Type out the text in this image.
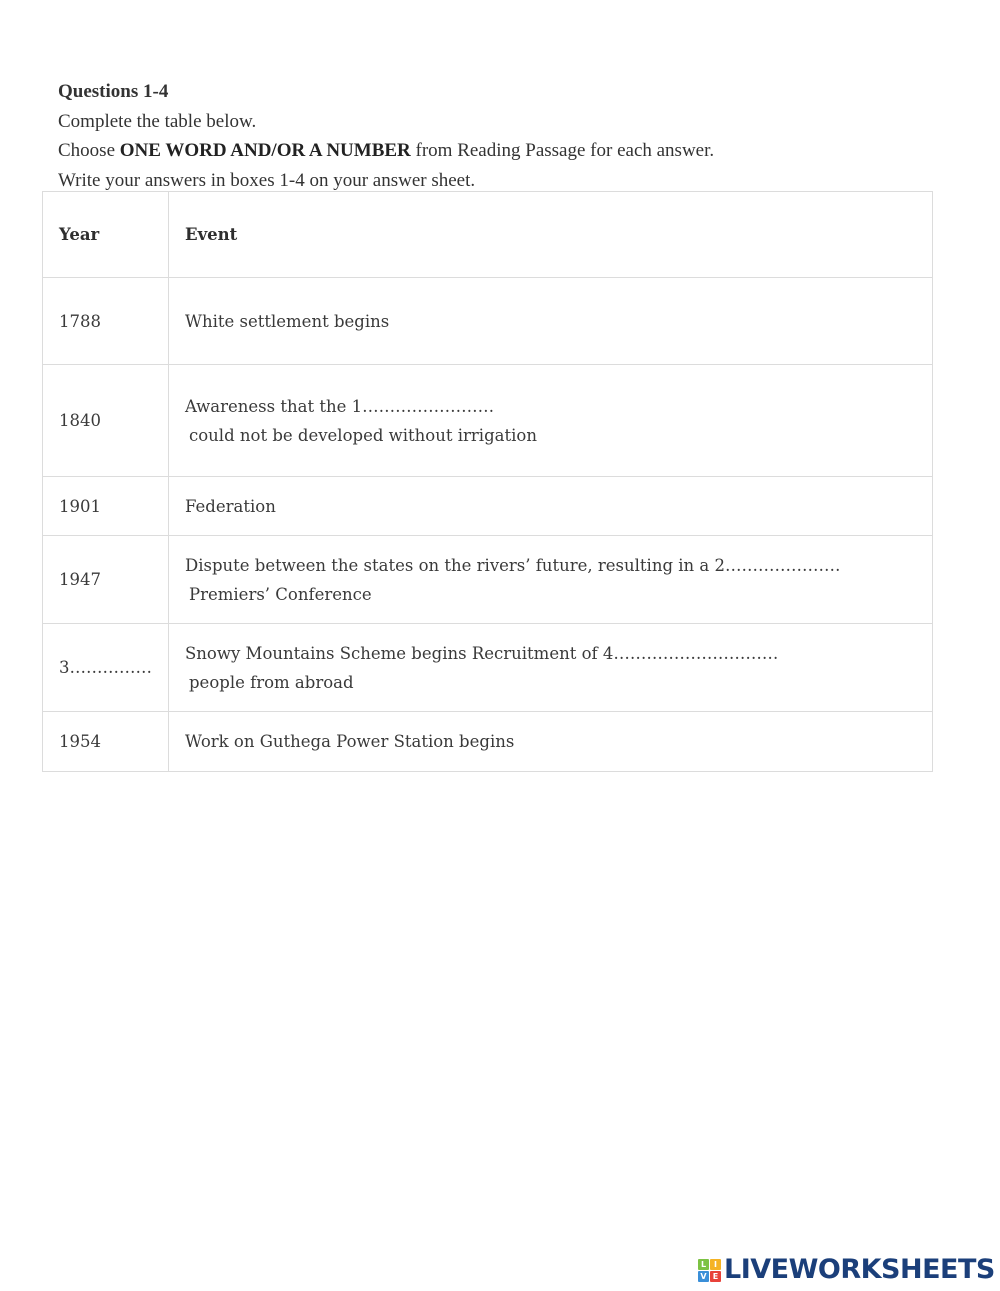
Questions 1-4
Complete the table below.
Choose ONE WORD AND/OR A NUMBER from Reading Passage for each answer.
Write your answers in boxes 1-4 on your answer sheet.
Year	Event
1788	White settlement begins
1840	Awareness that the 1……………………
could not be developed without irrigation

1901	Federation
1947	Dispute between the states on the rivers’ future, resulting in a 2…………………
Premiers’ Conference

3……………	Snowy Mountains Scheme begins Recruitment of 4…………………………
people from abroad

1954	Work on Guthega Power Station begins
L I
V E LIVEWORKSHEETS
